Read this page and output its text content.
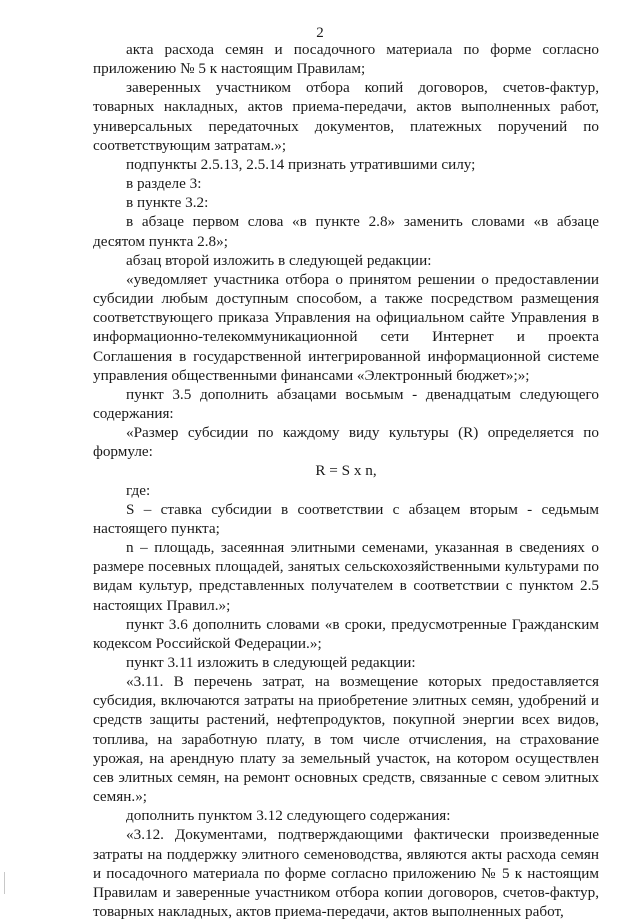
2

акта расхода семян и посадочного материала по форме согласно приложению № 5 к настоящим Правилам;

заверенных участником отбора копий договоров, счетов-фактур, товарных накладных, актов приема-передачи, актов выполненных работ, универсальных передаточных документов, платежных поручений по соответствующим затратам.»;

подпункты 2.5.13, 2.5.14 признать утратившими силу;

в разделе 3:

в пункте 3.2:

в абзаце первом слова «в пункте 2.8» заменить словами «в абзаце десятом пункта 2.8»;

абзац второй изложить в следующей редакции:

«уведомляет участника отбора о принятом решении о предоставлении субсидии любым доступным способом, а также посредством размещения соответствующего приказа Управления на официальном сайте Управления в информационно-телекоммуникационной сети Интернет и проекта Соглашения в государственной интегрированной информационной системе управления общественными финансами «Электронный бюджет»;»;

пункт 3.5 дополнить абзацами восьмым - двенадцатым следующего содержания:

«Размер субсидии по каждому виду культуры (R) определяется по формуле:

R = S x n,

где:

S – ставка субсидии в соответствии с абзацем вторым - седьмым настоящего пункта;

n – площадь, засеянная элитными семенами, указанная в сведениях о размере посевных площадей, занятых сельскохозяйственными культурами по видам культур, представленных получателем в соответствии с пунктом 2.5 настоящих Правил.»;

пункт 3.6 дополнить словами «в сроки, предусмотренные Гражданским кодексом Российской Федерации.»;

пункт 3.11 изложить в следующей редакции:

«3.11. В перечень затрат, на возмещение которых предоставляется субсидия, включаются затраты на приобретение элитных семян, удобрений и средств защиты растений, нефтепродуктов, покупной энергии всех видов, топлива, на заработную плату, в том числе отчисления, на страхование урожая, на арендную плату за земельный участок, на котором осуществлен сев элитных семян, на ремонт основных средств, связанные с севом элитных семян.»;

дополнить пунктом 3.12 следующего содержания:

«3.12. Документами, подтверждающими фактически произведенные затраты на поддержку элитного семеноводства, являются акты расхода семян и посадочного материала по форме согласно приложению № 5 к настоящим Правилам и заверенные участником отбора копии договоров, счетов-фактур, товарных накладных, актов приема-передачи, актов выполненных работ,
